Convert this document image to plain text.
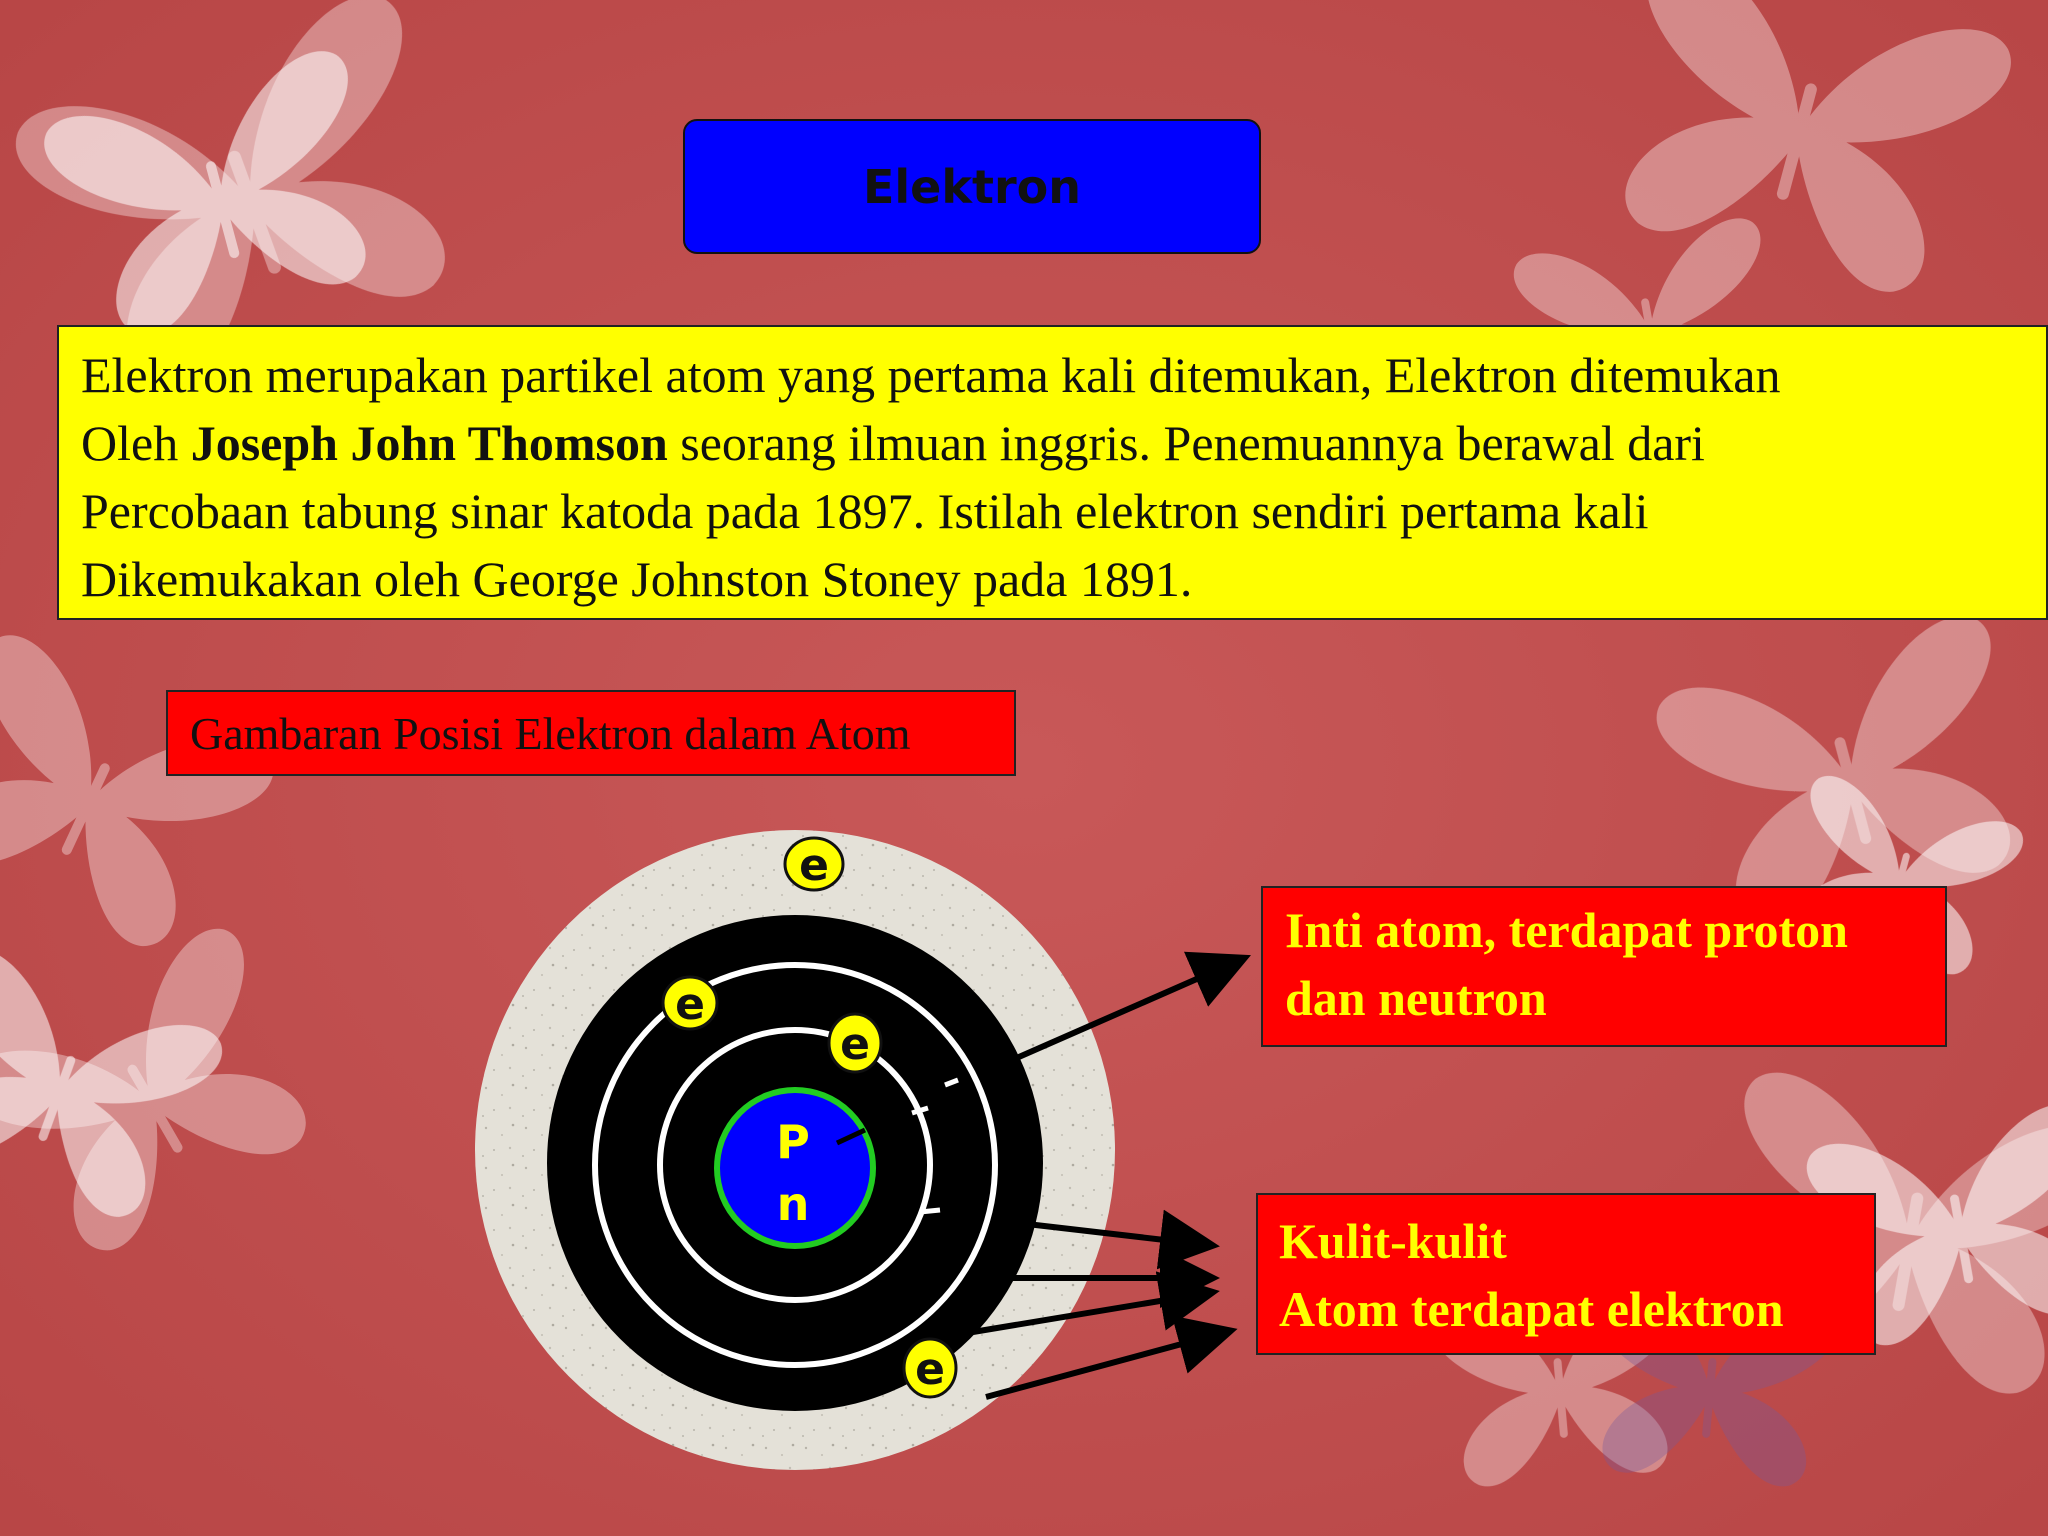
Elektron

Elektron merupakan partikel atom yang pertama kali ditemukan, Elektron ditemukan

Oleh Joseph John Thomson seorang ilmuan inggris. Penemuannya berawal dari

Percobaan tabung sinar katoda pada 1897. Istilah elektron sendiri pertama kali

Dikemukakan oleh George Johnston Stoney pada 1891.

Gambaran Posisi Elektron dalam Atom
P
n
e
e
e
e

Inti atom, terdapat proton

dan neutron

Kulit-kulit

Atom terdapat elektron
